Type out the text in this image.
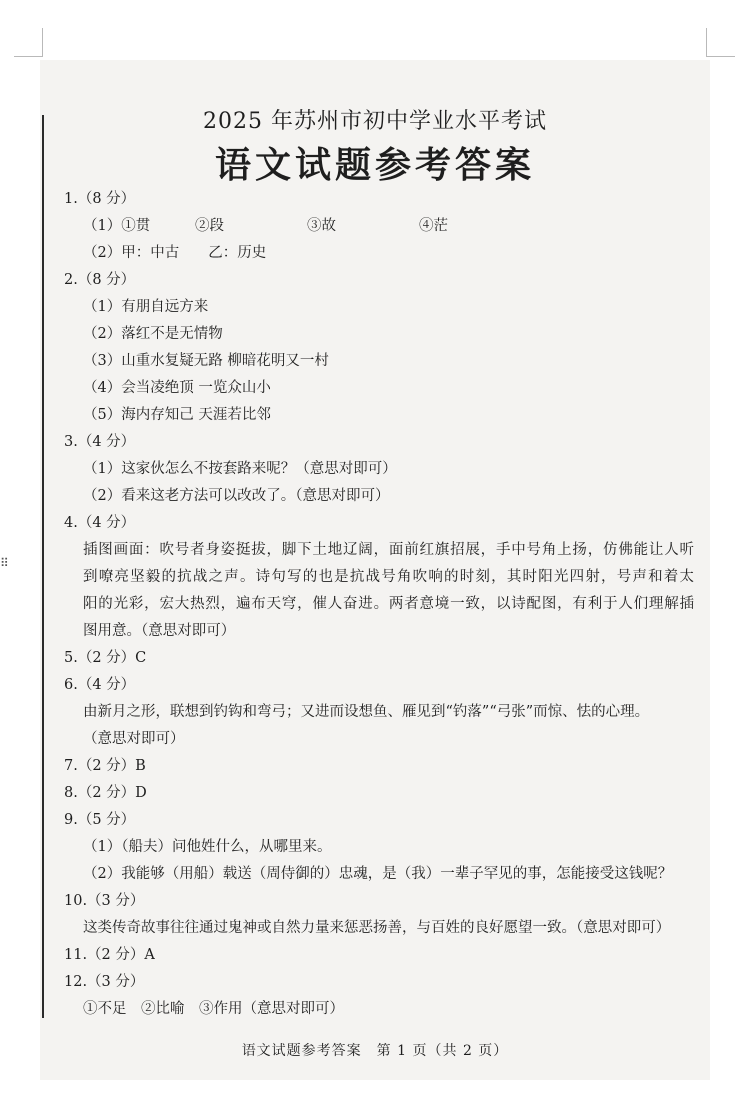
⠿
2025 年苏州市初中学业水平考试
语文试题参考答案
1.（8 分）
（1）①贯	②段	③故	④茫
（2）甲：中古　　乙：历史
2.（8 分）
（1）有朋自远方来
（2）落红不是无情物
（3）山重水复疑无路 柳暗花明又一村
（4）会当凌绝顶 一览众山小
（5）海内存知己 天涯若比邻
3.（4 分）
（1）这家伙怎么不按套路来呢？（意思对即可）
（2）看来这老方法可以改改了。（意思对即可）
4.（4 分）
插图画面：吹号者身姿挺拔，脚下土地辽阔，面前红旗招展，手中号角上扬，仿佛能让人听
到嘹亮坚毅的抗战之声。诗句写的也是抗战号角吹响的时刻，其时阳光四射，号声和着太
阳的光彩，宏大热烈，遍布天穹，催人奋进。两者意境一致，以诗配图，有利于人们理解插
图用意。（意思对即可）
5.（2 分）C
6.（4 分）
由新月之形，联想到钓钩和弯弓；又进而设想鱼、雁见到“钓落”“弓张”而惊、怯的心理。
（意思对即可）
7.（2 分）B
8.（2 分）D
9.（5 分）
（1）（船夫）问他姓什么，从哪里来。
（2）我能够（用船）载送（周侍御的）忠魂，是（我）一辈子罕见的事，怎能接受这钱呢？
10.（3 分）
这类传奇故事往往通过鬼神或自然力量来惩恶扬善，与百姓的良好愿望一致。（意思对即可）
11.（2 分）A
12.（3 分）
①不足　②比喻　③作用（意思对即可）
语文试题参考答案　第 1 页（共 2 页）
